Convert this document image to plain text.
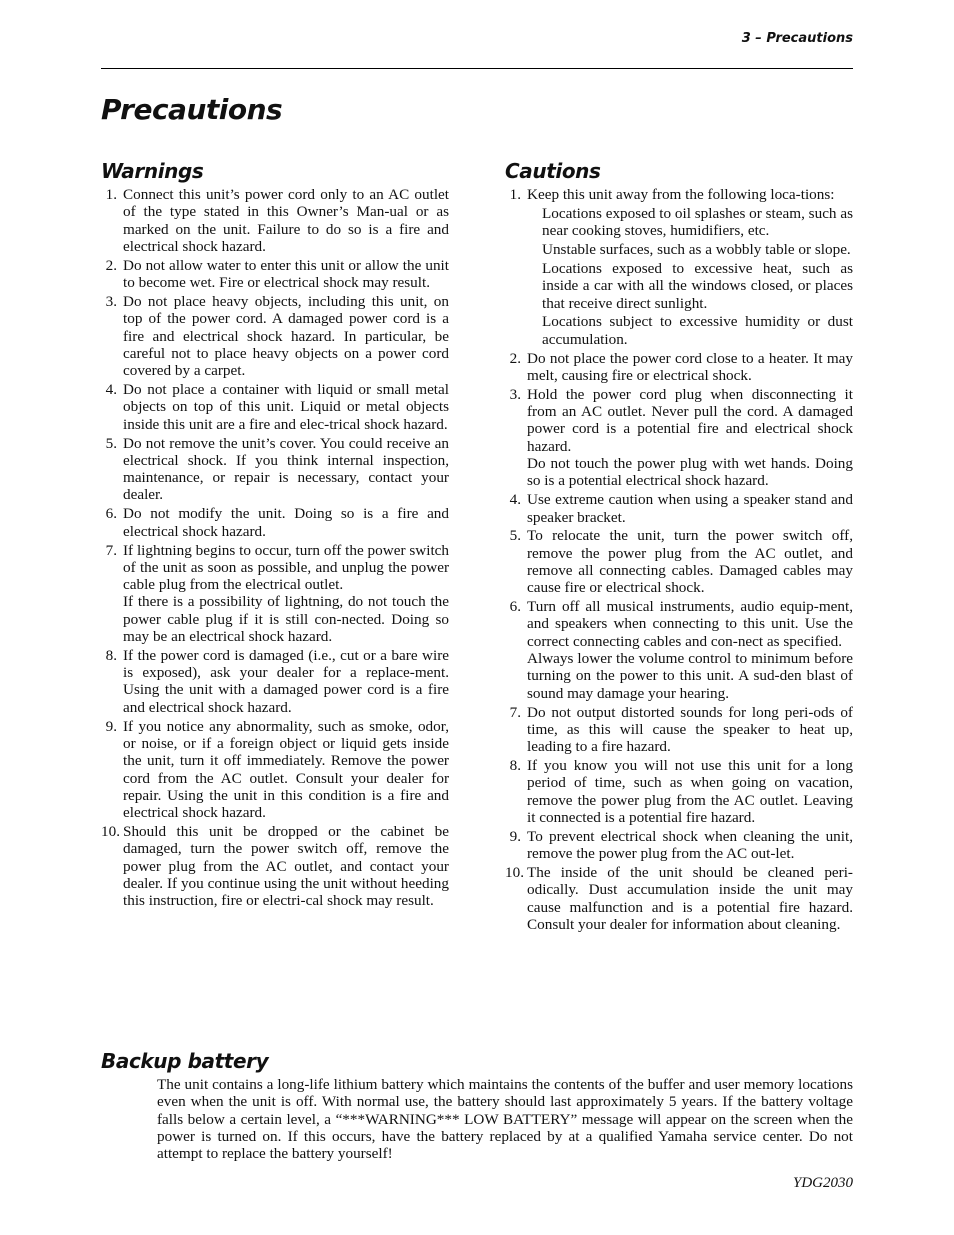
3 – Precautions
Precautions
Warnings
1. Connect this unit’s power cord only to an AC outlet of the type stated in this Owner’s Man-ual or as marked on the unit. Failure to do so is a fire and electrical shock hazard.
2. Do not allow water to enter this unit or allow the unit to become wet. Fire or electrical shock may result.
3. Do not place heavy objects, including this unit, on top of the power cord. A damaged power cord is a fire and electrical shock hazard. In particular, be careful not to place heavy objects on a power cord covered by a carpet.
4. Do not place a container with liquid or small metal objects on top of this unit. Liquid or metal objects inside this unit are a fire and elec-trical shock hazard.
5. Do not remove the unit’s cover. You could receive an electrical shock. If you think internal inspection, maintenance, or repair is necessary, contact your dealer.
6. Do not modify the unit. Doing so is a fire and electrical shock hazard.
7. If lightning begins to occur, turn off the power switch of the unit as soon as possible, and unplug the power cable plug from the electrical outlet.
If there is a possibility of lightning, do not touch the power cable plug if it is still con-nected. Doing so may be an electrical shock hazard.
8. If the power cord is damaged (i.e., cut or a bare wire is exposed), ask your dealer for a replace-ment. Using the unit with a damaged power cord is a fire and electrical shock hazard.
9. If you notice any abnormality, such as smoke, odor, or noise, or if a foreign object or liquid gets inside the unit, turn it off immediately. Remove the power cord from the AC outlet. Consult your dealer for repair. Using the unit in this condition is a fire and electrical shock hazard.
10. Should this unit be dropped or the cabinet be damaged, turn the power switch off, remove the power plug from the AC outlet, and contact your dealer. If you continue using the unit without heeding this instruction, fire or electri-cal shock may result.
Cautions
1. Keep this unit away from the following loca-tions:
Locations exposed to oil splashes or steam, such as near cooking stoves, humidifiers, etc.
Unstable surfaces, such as a wobbly table or slope.
Locations exposed to excessive heat, such as inside a car with all the windows closed, or places that receive direct sunlight.
Locations subject to excessive humidity or dust accumulation.
2. Do not place the power cord close to a heater. It may melt, causing fire or electrical shock.
3. Hold the power cord plug when disconnecting it from an AC outlet. Never pull the cord. A damaged power cord is a potential fire and electrical shock hazard.
Do not touch the power plug with wet hands. Doing so is a potential electrical shock hazard.
4. Use extreme caution when using a speaker stand and speaker bracket.
5. To relocate the unit, turn the power switch off, remove the power plug from the AC outlet, and remove all connecting cables. Damaged cables may cause fire or electrical shock.
6. Turn off all musical instruments, audio equip-ment, and speakers when connecting to this unit. Use the correct connecting cables and con-nect as specified.
Always lower the volume control to minimum before turning on the power to this unit. A sud-den blast of sound may damage your hearing.
7. Do not output distorted sounds for long peri-ods of time, as this will cause the speaker to heat up, leading to a fire hazard.
8. If you know you will not use this unit for a long period of time, such as when going on vacation, remove the power plug from the AC outlet. Leaving it connected is a potential fire hazard.
9. To prevent electrical shock when cleaning the unit, remove the power plug from the AC out-let.
10. The inside of the unit should be cleaned peri-odically. Dust accumulation inside the unit may cause malfunction and is a potential fire hazard. Consult your dealer for information about cleaning.
Backup battery

The unit contains a long-life lithium battery which maintains the contents of the buffer and user memory locations even when the unit is off. With normal use, the battery should last approximately 5 years. If the battery voltage falls below a certain level, a “***WARNING*** LOW BATTERY” message will appear on the screen when the power is turned on. If this occurs, have the battery replaced by at a qualified Yamaha service center. Do not attempt to replace the battery yourself!

YDG2030
